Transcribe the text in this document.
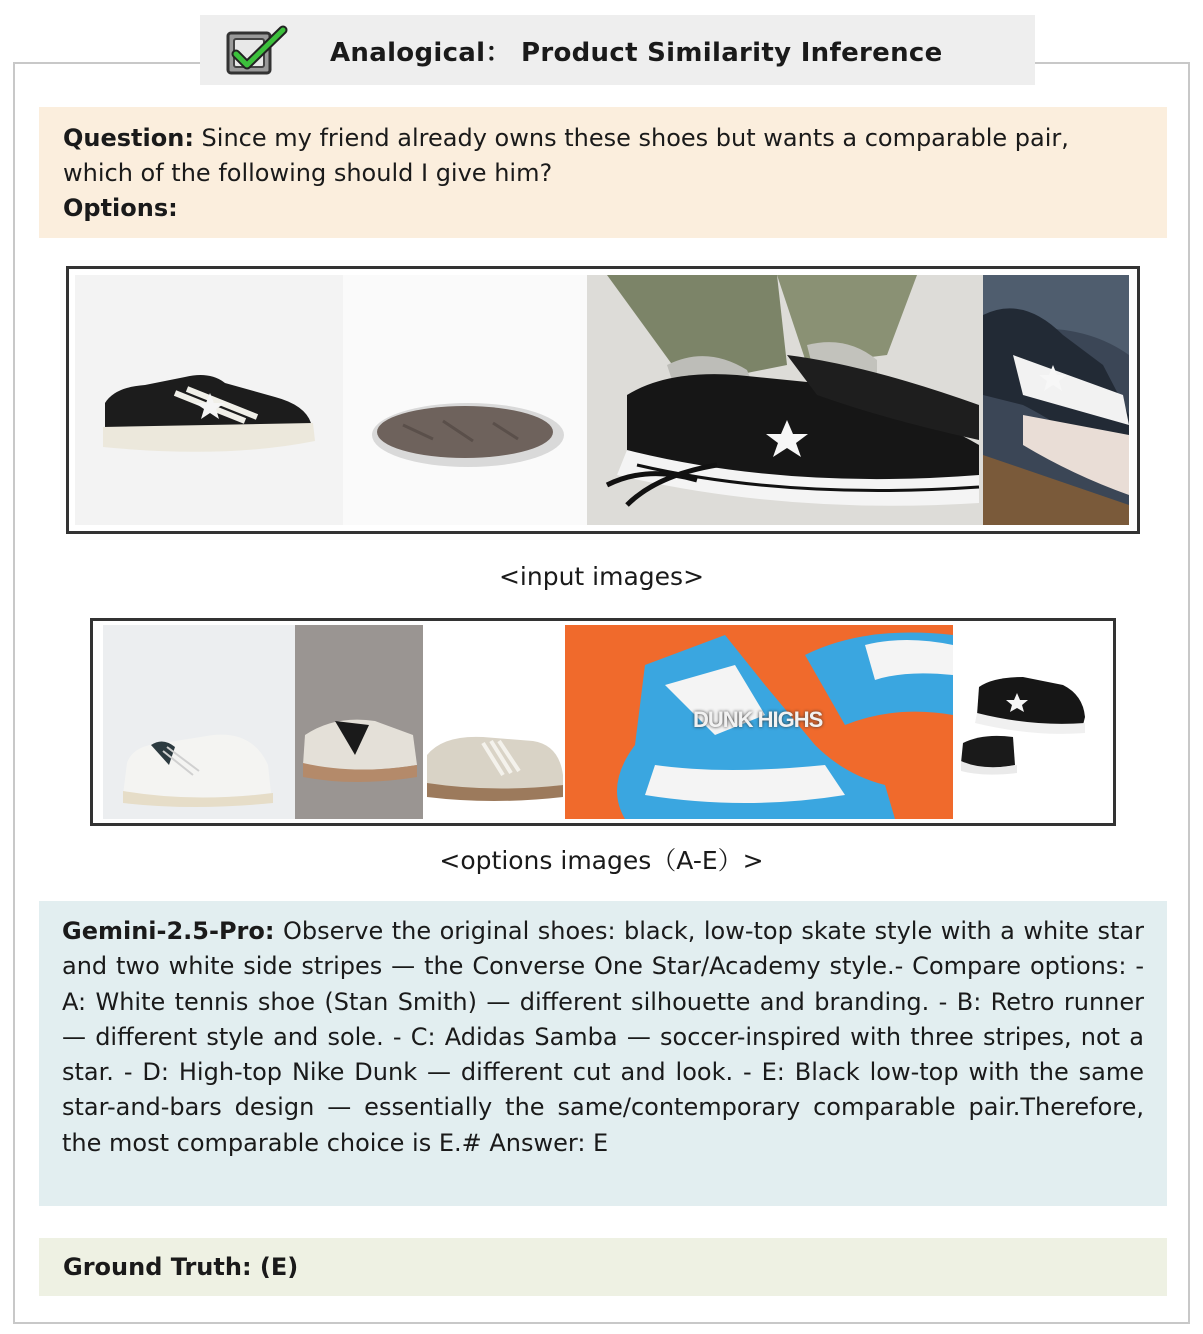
Analogical： Product Similarity Inference
Question: Since my friend already owns these shoes but wants a comparable pair, which of the following should I give him?
Options:
<input images>
DUNK HIGHS
<options images（A-E）>
Gemini-2.5-Pro: Observe the original shoes: black, low-top skate style with a white star and two white side stripes — the Converse One Star/Academy style.- Compare options: - A: White tennis shoe (Stan Smith) — different silhouette and branding. - B: Retro runner — different style and sole. - C: Adidas Samba — soccer-inspired with three stripes, not a star. - D: High-top Nike Dunk — different cut and look. - E: Black low-top with the same star-and-bars design — essentially the same/contemporary comparable pair.Therefore, the most comparable choice is E.# Answer: E
Ground Truth: (E)
